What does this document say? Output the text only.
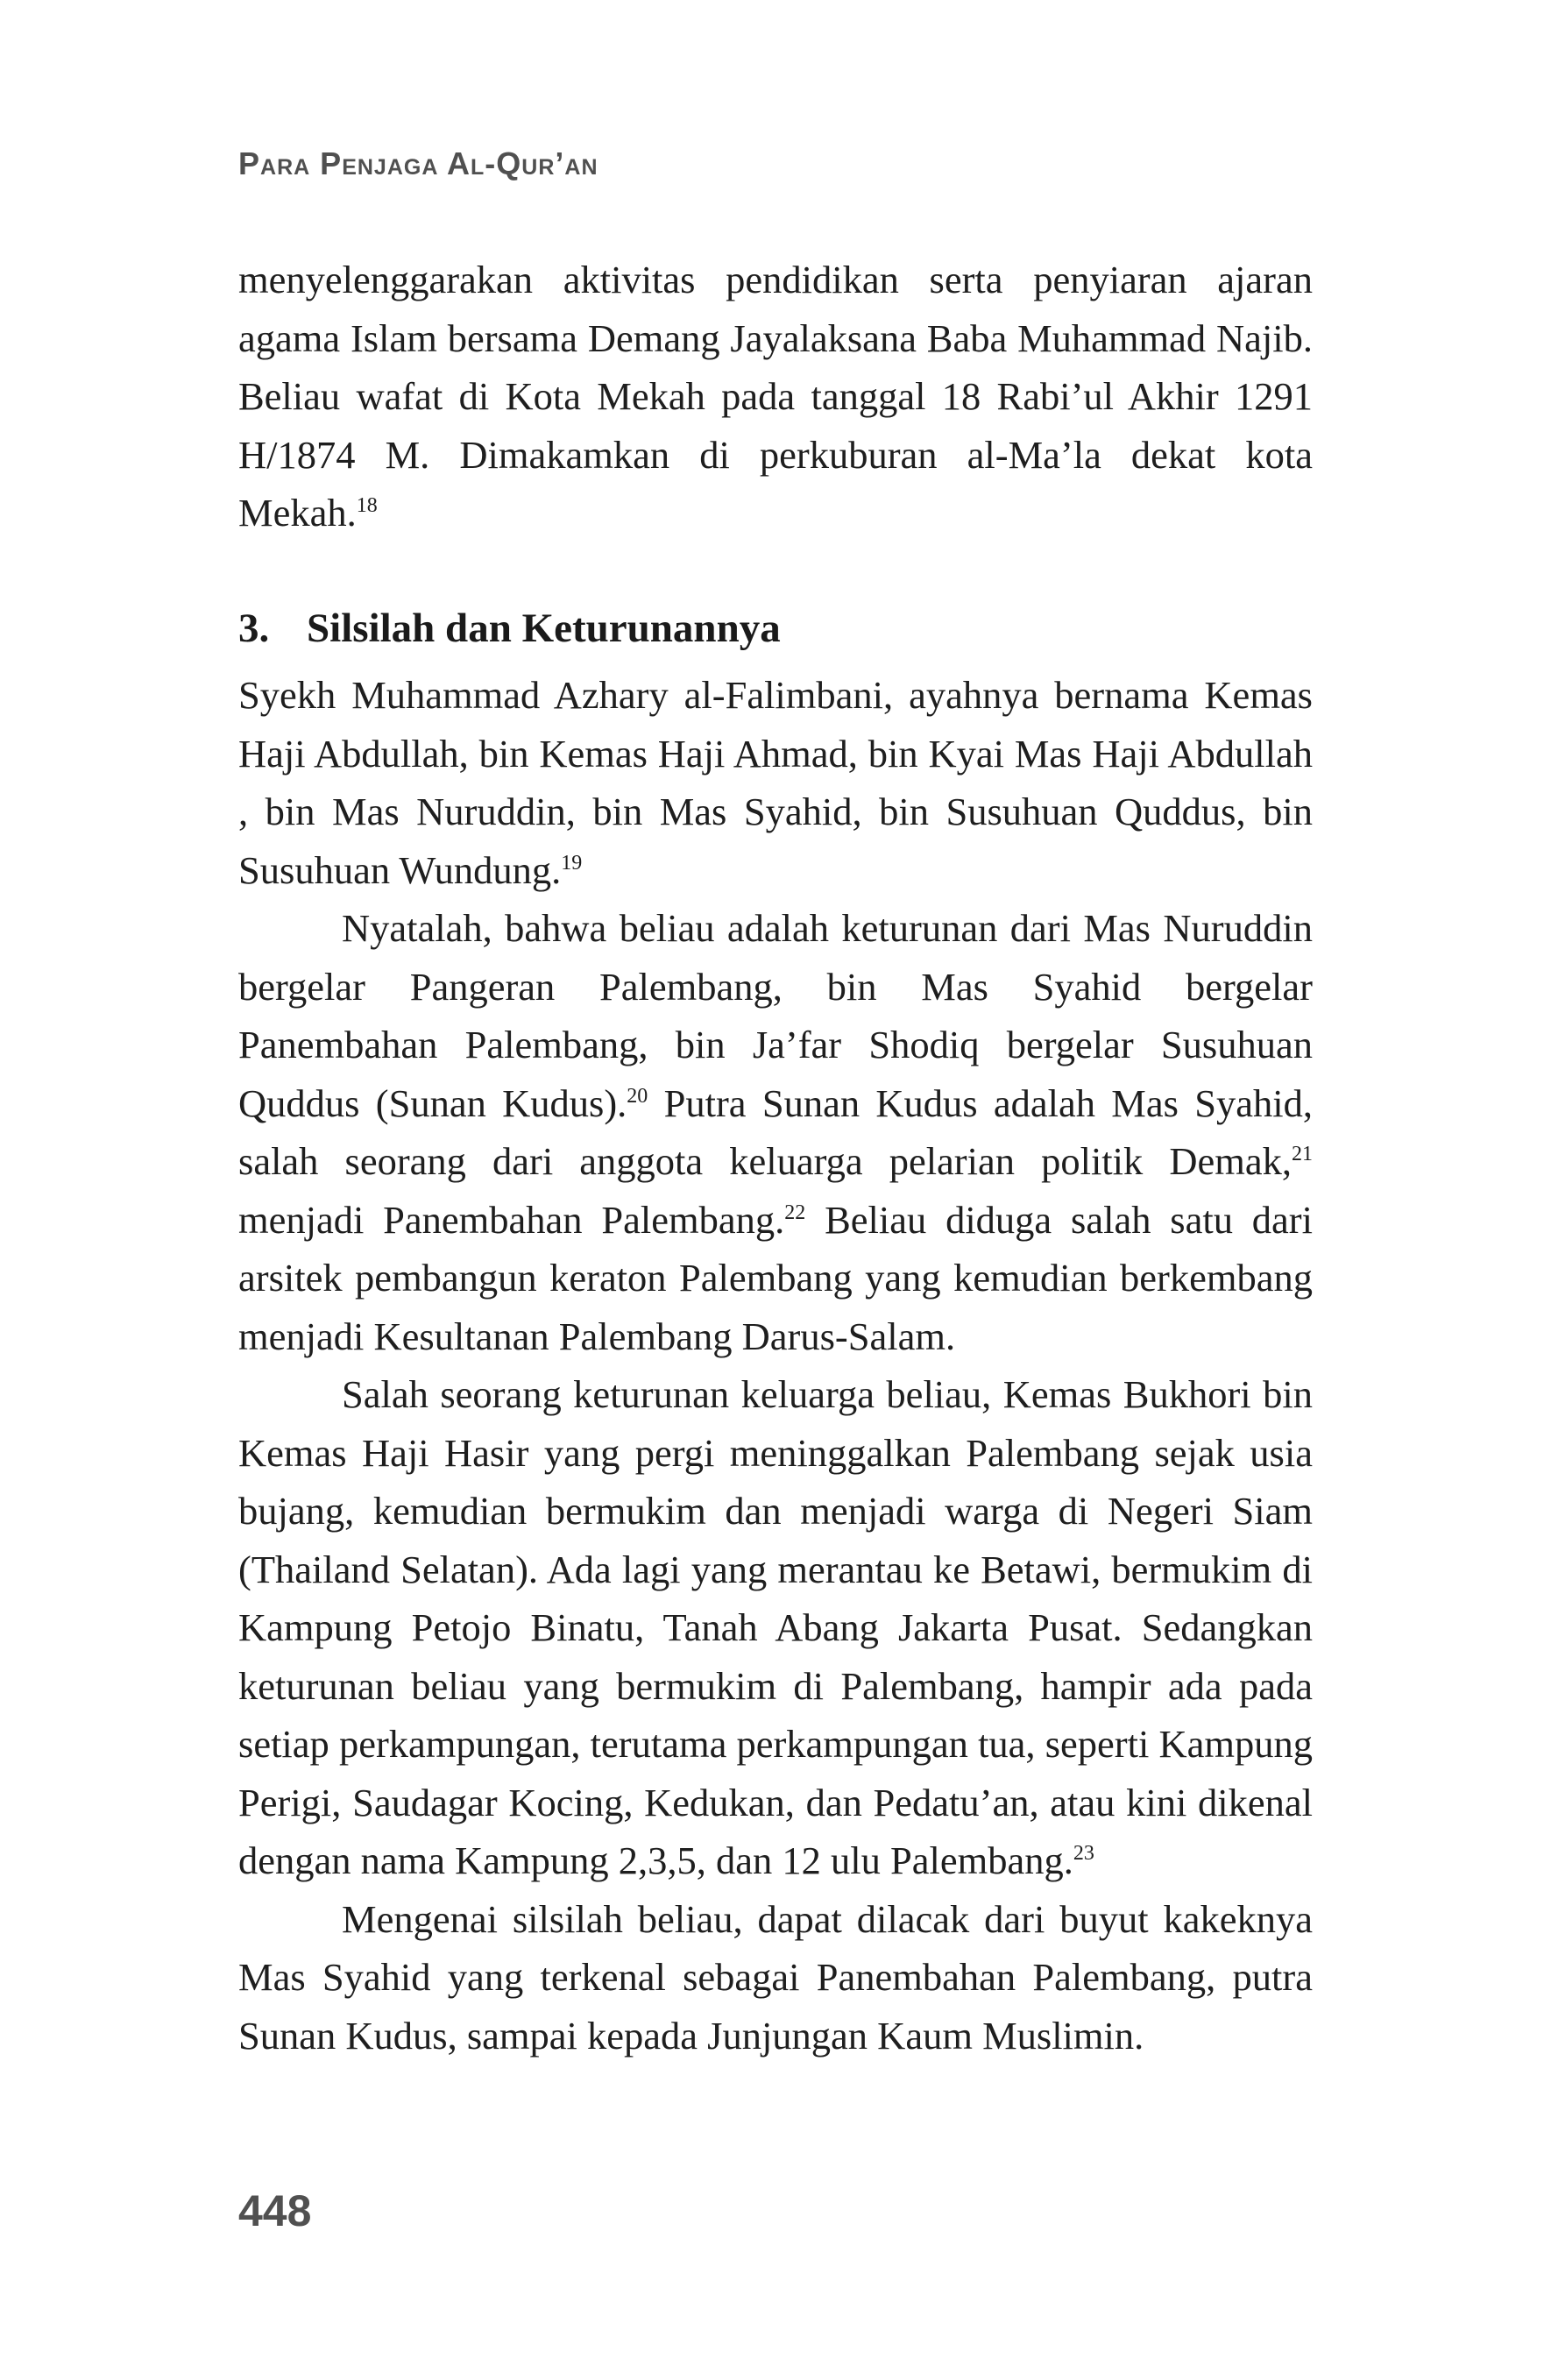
Para Penjaga Al-Qur’an

menyelenggarakan aktivitas pendidikan serta penyiaran ajaran agama Islam bersama Demang Jayalaksana Baba Muhammad Najib. Beliau wafat di Kota Mekah pada tanggal 18 Rabi’ul Akhir 1291 H/1874 M. Dimakamkan di perkuburan al-Ma’la dekat kota Mekah.$^{18}$

3. Silsilah dan Keturunannya

Syekh Muhammad Azhary al-Falimbani, ayahnya bernama Kemas Haji Abdullah, bin Kemas Haji Ahmad, bin Kyai Mas Haji Abdullah , bin Mas Nuruddin, bin Mas Syahid, bin Susuhuan Quddus, bin Susuhuan Wundung.$^{19}$

Nyatalah, bahwa beliau adalah keturunan dari Mas Nuruddin bergelar Pangeran Palembang, bin Mas Syahid bergelar Panembahan Palembang, bin Ja’far Shodiq bergelar Susuhuan Quddus (Sunan Kudus).$^{20}$ Putra Sunan Kudus adalah Mas Syahid, salah seorang dari anggota keluarga pelarian politik Demak,$^{21}$ menjadi Panembahan Palembang.$^{22}$ Beliau diduga salah satu dari arsitek pembangun keraton Palembang yang kemudian berkembang menjadi Kesultanan Palembang Darus-Salam.

Salah seorang keturunan keluarga beliau, Kemas Bukhori bin Kemas Haji Hasir yang pergi meninggalkan Palembang sejak usia bujang, kemudian bermukim dan menjadi warga di Negeri Siam (Thailand Selatan). Ada lagi yang merantau ke Betawi, bermukim di Kampung Petojo Binatu, Tanah Abang Jakarta Pusat. Sedangkan keturunan beliau yang bermukim di Palembang, hampir ada pada setiap perkampungan, terutama perkampungan tua, seperti Kampung Perigi, Saudagar Kocing, Kedukan, dan Pedatu’an, atau kini dikenal dengan nama Kampung 2,3,5, dan 12 ulu Palembang.$^{23}$

Mengenai silsilah beliau, dapat dilacak dari buyut kakeknya Mas Syahid yang terkenal sebagai Panembahan Palembang, putra Sunan Kudus, sampai kepada Junjungan Kaum Muslimin.

448
